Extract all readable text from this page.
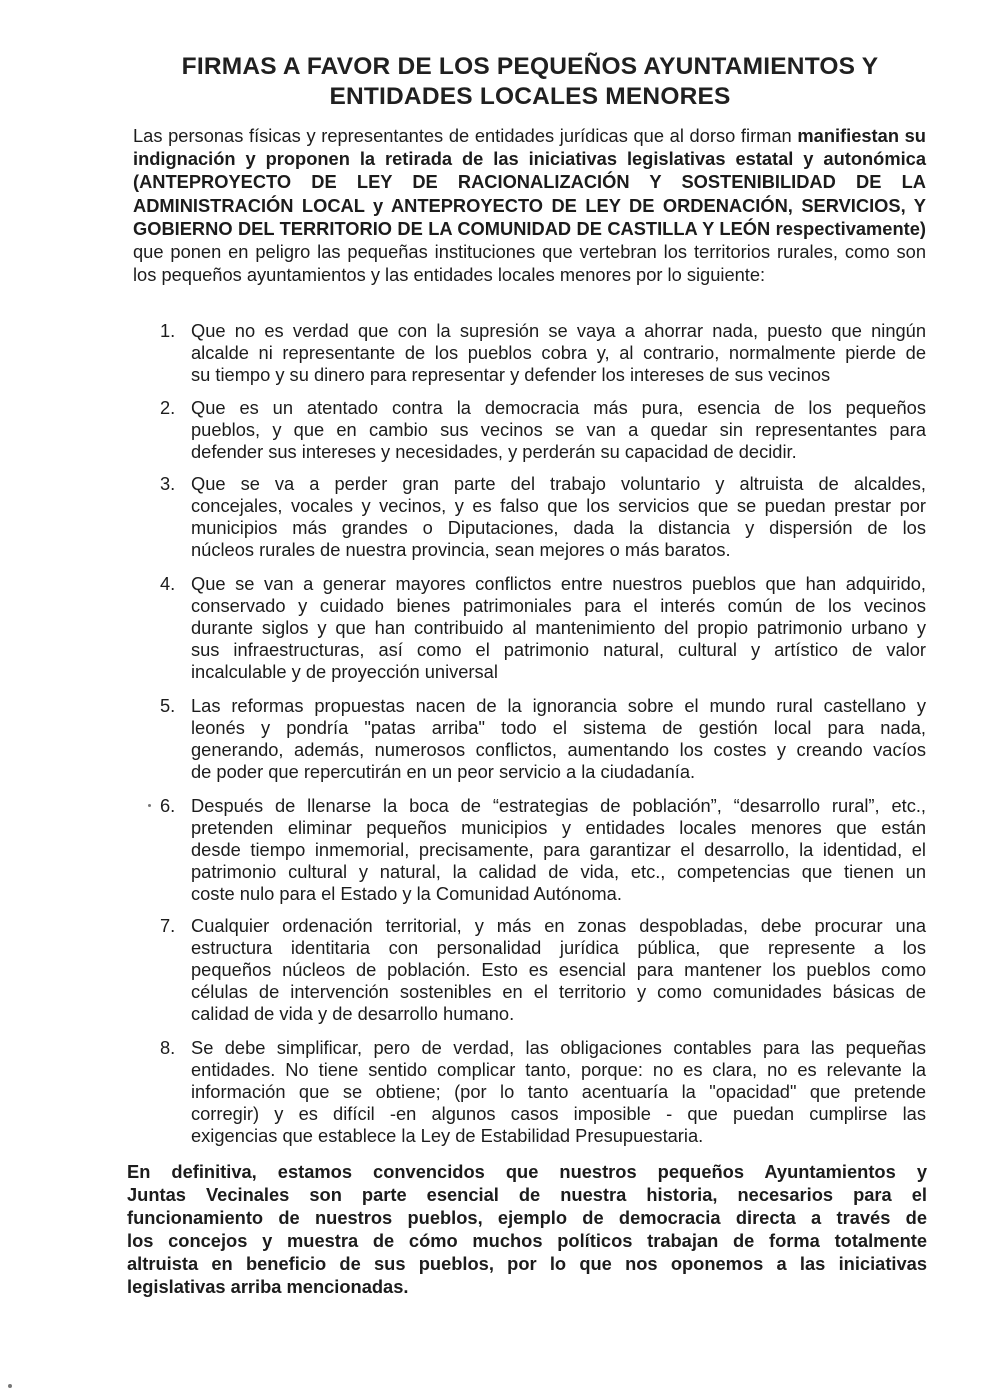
FIRMAS A FAVOR DE LOS PEQUEÑOS AYUNTAMIENTOS Y
ENTIDADES LOCALES MENORES
Las personas físicas y representantes de entidades jurídicas que al dorso firman manifiestan su indignación y proponen la retirada de las iniciativas legislativas estatal y autonómica (ANTEPROYECTO DE LEY DE RACIONALIZACIÓN Y SOSTENIBILIDAD DE LA ADMINISTRACIÓN LOCAL y ANTEPROYECTO DE LEY DE ORDENACIÓN, SERVICIOS, Y GOBIERNO DEL TERRITORIO DE LA COMUNIDAD DE CASTILLA Y LEÓN respectivamente) que ponen en peligro las pequeñas instituciones que vertebran los territorios rurales, como son los pequeños ayuntamientos y las entidades locales menores por lo siguiente:
1. Que no es verdad que con la supresión se vaya a ahorrar nada, puesto que ningún
alcalde ni representante de los pueblos cobra y, al contrario, normalmente pierde de
su tiempo y su dinero para representar y defender los intereses de sus vecinos
2. Que es un atentado contra la democracia más pura, esencia de los pequeños
pueblos, y que en cambio sus vecinos se van a quedar sin representantes para
defender sus intereses y necesidades, y perderán su capacidad de decidir.
3. Que se va a perder gran parte del trabajo voluntario y altruista de alcaldes,
concejales, vocales y vecinos, y es falso que los servicios que se puedan prestar por
municipios más grandes o Diputaciones, dada la distancia y dispersión de los
núcleos rurales de nuestra provincia, sean mejores o más baratos.
4. Que se van a generar mayores conflictos entre nuestros pueblos que han adquirido,
conservado y cuidado bienes patrimoniales para el interés común de los vecinos
durante siglos y que han contribuido al mantenimiento del propio patrimonio urbano y
sus infraestructuras, así como el patrimonio natural, cultural y artístico de valor
incalculable y de proyección universal
5. Las reformas propuestas nacen de la ignorancia sobre el mundo rural castellano y
leonés y pondría "patas arriba" todo el sistema de gestión local para nada,
generando, además, numerosos conflictos, aumentando los costes y creando vacíos
de poder que repercutirán en un peor servicio a la ciudadanía.
6. Después de llenarse la boca de “estrategias de población”, “desarrollo rural”, etc.,
pretenden eliminar pequeños municipios y entidades locales menores que están
desde tiempo inmemorial, precisamente, para garantizar el desarrollo, la identidad, el
patrimonio cultural y natural, la calidad de vida, etc., competencias que tienen un
coste nulo para el Estado y la Comunidad Autónoma.
7. Cualquier ordenación territorial, y más en zonas despobladas, debe procurar una
estructura identitaria con personalidad jurídica pública, que represente a los
pequeños núcleos de población. Esto es esencial para mantener los pueblos como
células de intervención sostenibles en el territorio y como comunidades básicas de
calidad de vida y de desarrollo humano.
8. Se debe simplificar, pero de verdad, las obligaciones contables para las pequeñas
entidades. No tiene sentido complicar tanto, porque: no es clara, no es relevante la
información que se obtiene; (por lo tanto acentuaría la "opacidad" que pretende
corregir) y es difícil -en algunos casos imposible - que puedan cumplirse las
exigencias que establece la Ley de Estabilidad Presupuestaria.
En definitiva, estamos convencidos que nuestros pequeños Ayuntamientos y
Juntas Vecinales son parte esencial de nuestra historia, necesarios para el
funcionamiento de nuestros pueblos, ejemplo de democracia directa a través de
los concejos y muestra de cómo muchos políticos trabajan de forma totalmente
altruista en beneficio de sus pueblos, por lo que nos oponemos a las iniciativas
legislativas arriba mencionadas.
